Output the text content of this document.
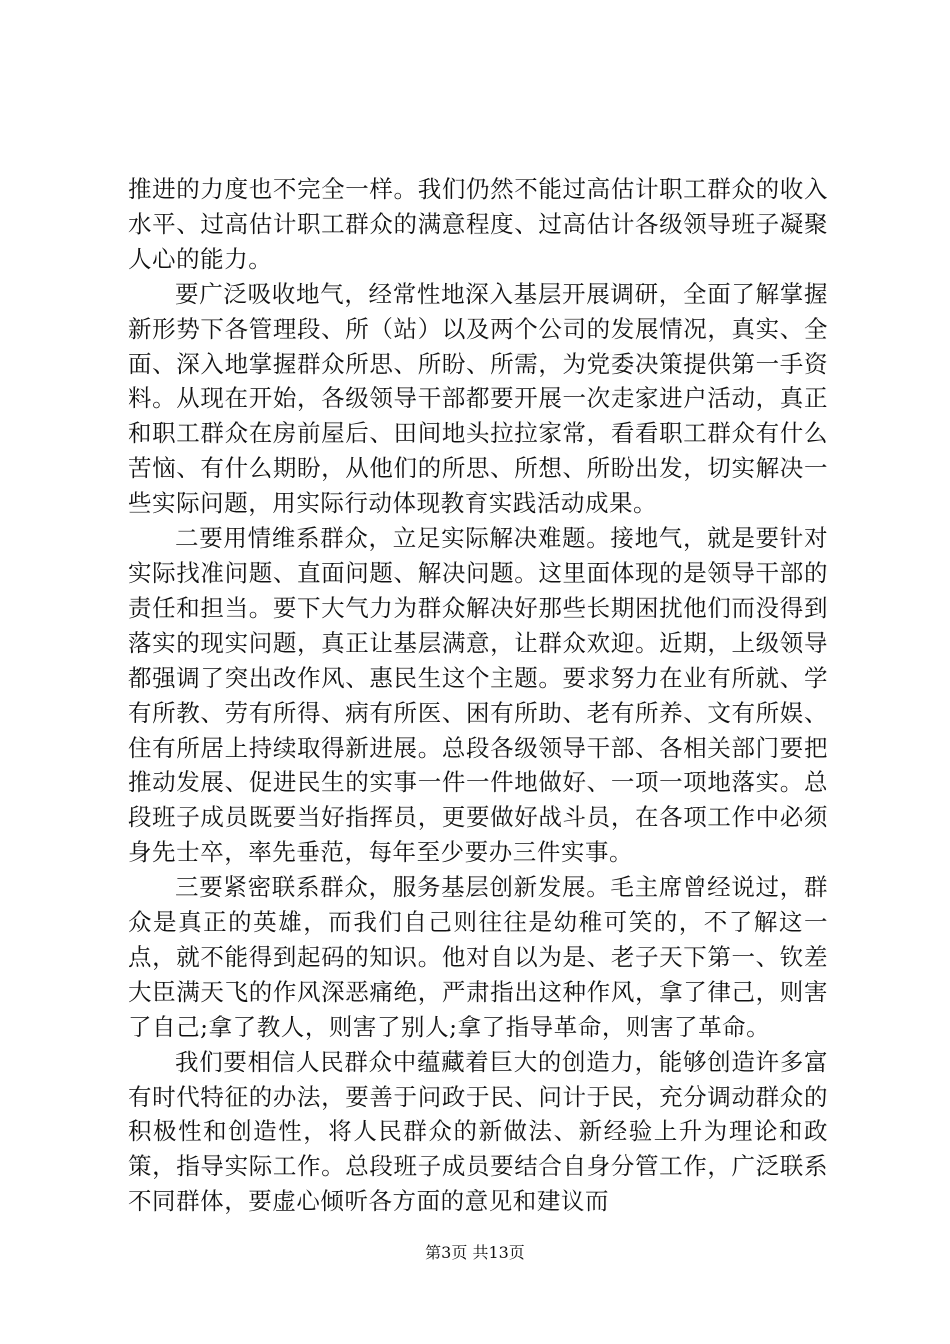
推进的力度也不完全一样。我们仍然不能过高估计职工群众的收入水平、过高估计职工群众的满意程度、过高估计各级领导班子凝聚人心的能力。

要广泛吸收地气，经常性地深入基层开展调研，全面了解掌握新形势下各管理段、所（站）以及两个公司的发展情况，真实、全面、深入地掌握群众所思、所盼、所需，为党委决策提供第一手资料。从现在开始，各级领导干部都要开展一次走家进户活动，真正和职工群众在房前屋后、田间地头拉拉家常，看看职工群众有什么苦恼、有什么期盼，从他们的所思、所想、所盼出发，切实解决一些实际问题，用实际行动体现教育实践活动成果。

二要用情维系群众，立足实际解决难题。接地气，就是要针对实际找准问题、直面问题、解决问题。这里面体现的是领导干部的责任和担当。要下大气力为群众解决好那些长期困扰他们而没得到落实的现实问题，真正让基层满意，让群众欢迎。近期，上级领导都强调了突出改作风、惠民生这个主题。要求努力在业有所就、学有所教、劳有所得、病有所医、困有所助、老有所养、文有所娱、住有所居上持续取得新进展。总段各级领导干部、各相关部门要把推动发展、促进民生的实事一件一件地做好、一项一项地落实。总段班子成员既要当好指挥员，更要做好战斗员，在各项工作中必须身先士卒，率先垂范，每年至少要办三件实事。

三要紧密联系群众，服务基层创新发展。毛主席曾经说过，群众是真正的英雄，而我们自己则往往是幼稚可笑的，不了解这一点，就不能得到起码的知识。他对自以为是、老子天下第一、钦差大臣满天飞的作风深恶痛绝，严肃指出这种作风，拿了律己，则害了自己;拿了教人，则害了别人;拿了指导革命，则害了革命。

我们要相信人民群众中蕴藏着巨大的创造力，能够创造许多富有时代特征的办法，要善于问政于民、问计于民，充分调动群众的积极性和创造性，将人民群众的新做法、新经验上升为理论和政策，指导实际工作。总段班子成员要结合自身分管工作，广泛联系不同群体，要虚心倾听各方面的意见和建议而

第3页 共13页
